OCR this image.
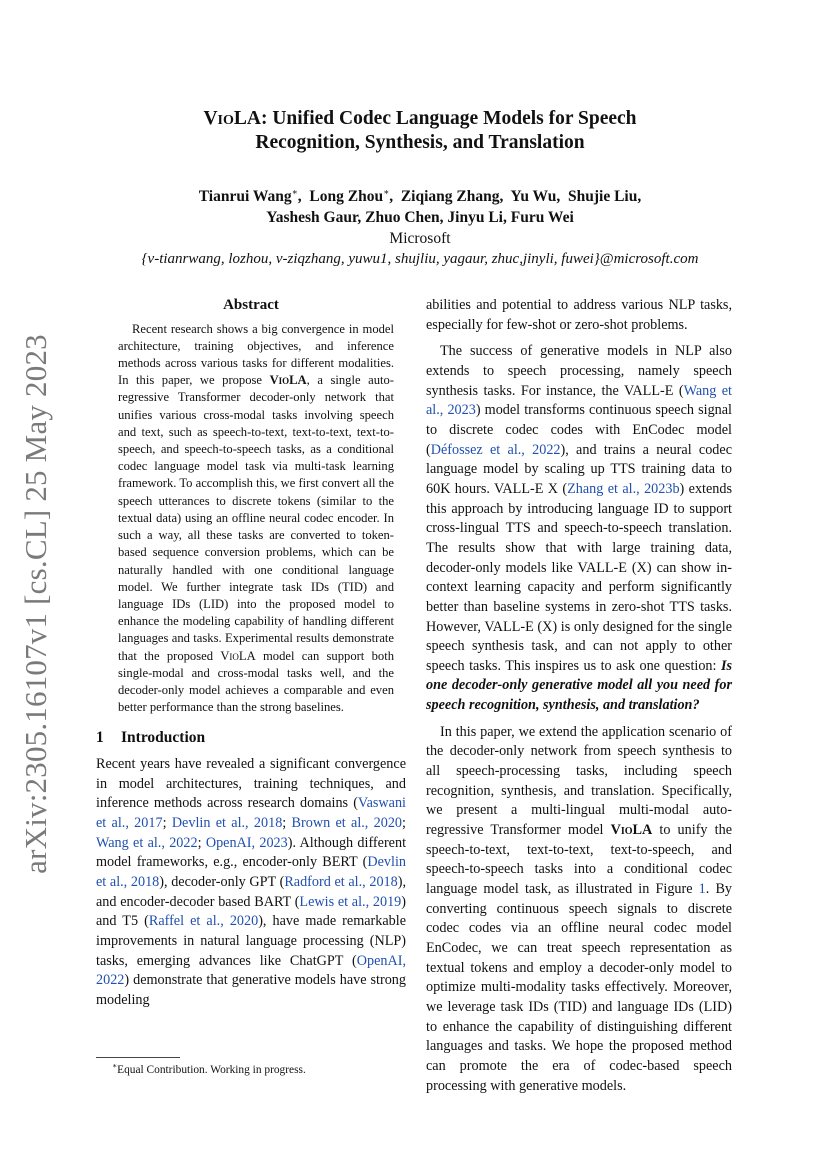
arXiv:2305.16107v1 [cs.CL] 25 May 2023
VioLA: Unified Codec Language Models for Speech
Recognition, Synthesis, and Translation
Tianrui Wang∗,  Long Zhou∗,  Ziqiang Zhang,  Yu Wu,  Shujie Liu,
Yashesh Gaur, Zhuo Chen, Jinyu Li, Furu Wei
Microsoft
{v-tianrwang, lozhou, v-ziqzhang, yuwu1, shujliu, yagaur, zhuc,jinyli, fuwei}@microsoft.com
Abstract
Recent research shows a big convergence in model architecture, training objectives, and inference methods across various tasks for different modalities. In this paper, we propose VioLA, a single auto-regressive Transformer decoder-only network that unifies various cross-modal tasks involving speech and text, such as speech-to-text, text-to-text, text-to-speech, and speech-to-speech tasks, as a conditional codec language model task via multi-task learning framework. To accomplish this, we first convert all the speech utterances to discrete tokens (similar to the textual data) using an offline neural codec encoder. In such a way, all these tasks are converted to token-based sequence conversion problems, which can be naturally handled with one conditional language model. We further integrate task IDs (TID) and language IDs (LID) into the proposed model to enhance the modeling capability of handling different languages and tasks. Experimental results demonstrate that the proposed VioLA model can support both single-modal and cross-modal tasks well, and the decoder-only model achieves a comparable and even better performance than the strong baselines.
1 Introduction

Recent years have revealed a significant convergence in model architectures, training techniques, and inference methods across research domains (Vaswani et al., 2017; Devlin et al., 2018; Brown et al., 2020; Wang et al., 2022; OpenAI, 2023). Although different model frameworks, e.g., encoder-only BERT (Devlin et al., 2018), decoder-only GPT (Radford et al., 2018), and encoder-decoder based BART (Lewis et al., 2019) and T5 (Raffel et al., 2020), have made remarkable improvements in natural language processing (NLP) tasks, emerging advances like ChatGPT (OpenAI, 2022) demonstrate that generative models have strong modeling

∗Equal Contribution. Working in progress.

abilities and potential to address various NLP tasks, especially for few-shot or zero-shot problems.

The success of generative models in NLP also extends to speech processing, namely speech synthesis tasks. For instance, the VALL-E (Wang et al., 2023) model transforms continuous speech signal to discrete codec codes with EnCodec model (Défossez et al., 2022), and trains a neural codec language model by scaling up TTS training data to 60K hours. VALL-E X (Zhang et al., 2023b) extends this approach by introducing language ID to support cross-lingual TTS and speech-to-speech translation. The results show that with large training data, decoder-only models like VALL-E (X) can show in-context learning capacity and perform significantly better than baseline systems in zero-shot TTS tasks. However, VALL-E (X) is only designed for the single speech synthesis task, and can not apply to other speech tasks. This inspires us to ask one question: Is one decoder-only generative model all you need for speech recognition, synthesis, and translation?

In this paper, we extend the application scenario of the decoder-only network from speech synthesis to all speech-processing tasks, including speech recognition, synthesis, and translation. Specifically, we present a multi-lingual multi-modal auto-regressive Transformer model VioLA to unify the speech-to-text, text-to-text, text-to-speech, and speech-to-speech tasks into a conditional codec language model task, as illustrated in Figure 1. By converting continuous speech signals to discrete codec codes via an offline neural codec model EnCodec, we can treat speech representation as textual tokens and employ a decoder-only model to optimize multi-modality tasks effectively. Moreover, we leverage task IDs (TID) and language IDs (LID) to enhance the capability of distinguishing different languages and tasks. We hope the proposed method can promote the era of codec-based speech processing with generative models.
